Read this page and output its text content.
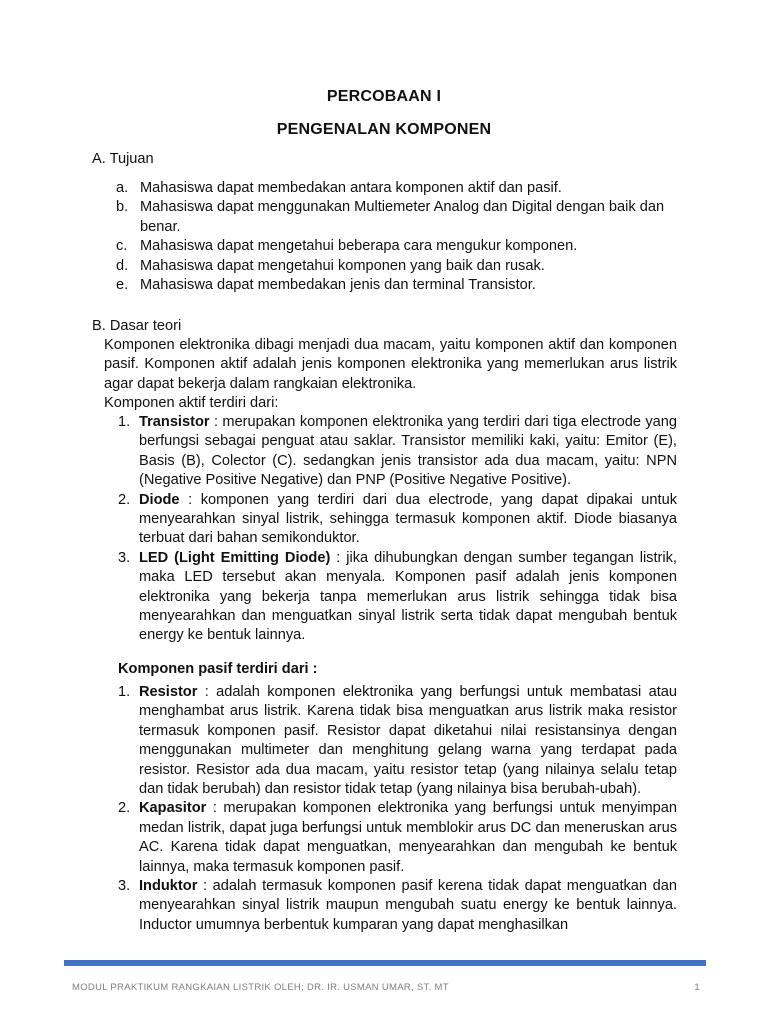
PERCOBAAN I
PENGENALAN KOMPONEN
A. Tujuan
a. Mahasiswa dapat membedakan antara komponen aktif dan pasif.
b. Mahasiswa dapat menggunakan Multiemeter Analog dan Digital dengan baik dan benar.
c. Mahasiswa dapat mengetahui beberapa cara mengukur komponen.
d. Mahasiswa dapat mengetahui komponen yang baik dan rusak.
e. Mahasiswa dapat membedakan jenis dan terminal Transistor.
B. Dasar teori
Komponen elektronika dibagi menjadi dua macam, yaitu komponen aktif dan komponen pasif. Komponen aktif adalah jenis komponen elektronika yang memerlukan arus listrik agar dapat bekerja dalam rangkaian elektronika.
Komponen aktif terdiri dari:
1. Transistor : merupakan komponen elektronika yang terdiri dari tiga electrode yang berfungsi sebagai penguat atau saklar. Transistor memiliki kaki, yaitu: Emitor (E), Basis (B), Colector (C). sedangkan jenis transistor ada dua macam, yaitu: NPN (Negative Positive Negative) dan PNP (Positive Negative Positive).
2. Diode : komponen yang terdiri dari dua electrode, yang dapat dipakai untuk menyearahkan sinyal listrik, sehingga termasuk komponen aktif. Diode biasanya terbuat dari bahan semikonduktor.
3. LED (Light Emitting Diode) : jika dihubungkan dengan sumber tegangan listrik, maka LED tersebut akan menyala. Komponen pasif adalah jenis komponen elektronika yang bekerja tanpa memerlukan arus listrik sehingga tidak bisa menyearahkan dan menguatkan sinyal listrik serta tidak dapat mengubah bentuk energy ke bentuk lainnya.
Komponen pasif terdiri dari :
1. Resistor : adalah komponen elektronika yang berfungsi untuk membatasi atau menghambat arus listrik. Karena tidak bisa menguatkan arus listrik maka resistor termasuk komponen pasif. Resistor dapat diketahui nilai resistansinya dengan menggunakan multimeter dan menghitung gelang warna yang terdapat pada resistor. Resistor ada dua macam, yaitu resistor tetap (yang nilainya selalu tetap dan tidak berubah) dan resistor tidak tetap (yang nilainya bisa berubah-ubah).
2. Kapasitor : merupakan komponen elektronika yang berfungsi untuk menyimpan medan listrik, dapat juga berfungsi untuk memblokir arus DC dan meneruskan arus AC. Karena tidak dapat menguatkan, menyearahkan dan mengubah ke bentuk lainnya, maka termasuk komponen pasif.
3. Induktor : adalah termasuk komponen pasif kerena tidak dapat menguatkan dan menyearahkan sinyal listrik maupun mengubah suatu energy ke bentuk lainnya. Inductor umumnya berbentuk kumparan yang dapat menghasilkan
MODUL PRAKTIKUM RANGKAIAN LISTRIK OLEH; DR. IR. USMAN UMAR, ST. MT	1
